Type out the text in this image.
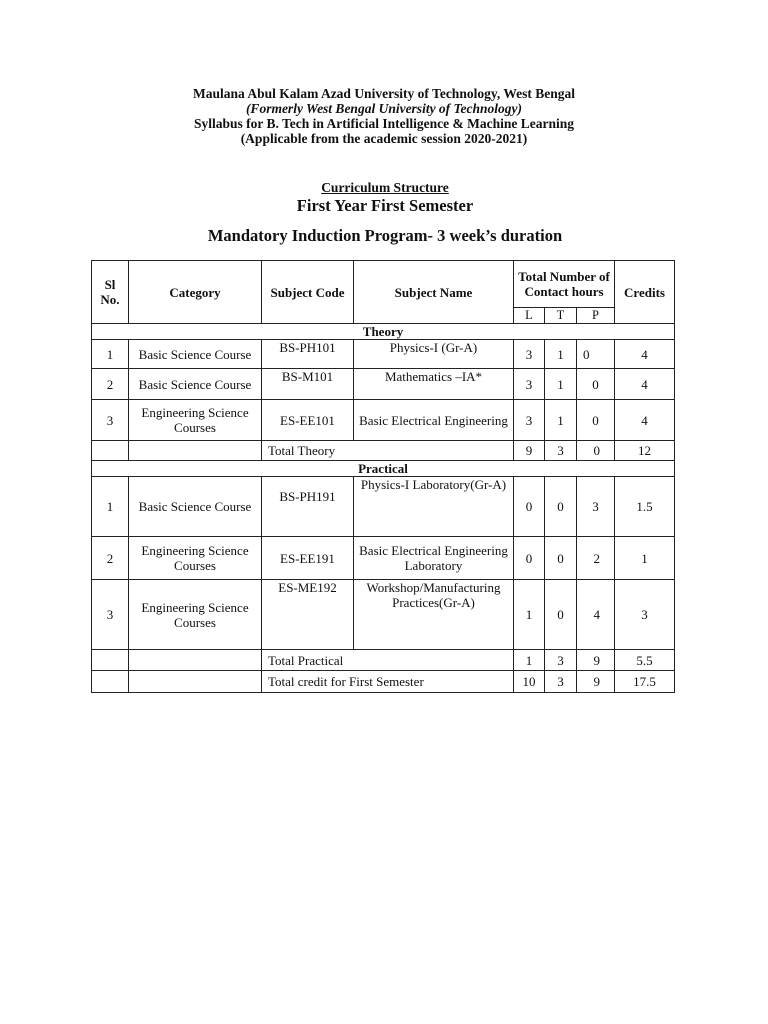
Maulana Abul Kalam Azad University of Technology, West Bengal
(Formerly West Bengal University of Technology)
Syllabus for B. Tech in Artificial Intelligence & Machine Learning
(Applicable from the academic session 2020-2021)
Curriculum Structure
First Year First Semester
Mandatory Induction Program- 3 week’s duration
Sl No.	Category	Subject Code	Subject Name	Total Number of Contact hours			Credits
				L	T	P	
Theory							
1	Basic Science Course	BS-PH101	Physics-I (Gr-A)	3	1	0	4
2	Basic Science Course	BS-M101	Mathematics –IA*	3	1	0	4
3	Engineering Science Courses	ES-EE101	Basic Electrical Engineering	3	1	0	4
		Total Theory		9	3	0	12
Practical							
1	Basic Science Course	BS-PH191	Physics-I Laboratory(Gr-A)	0	0	3	1.5
2	Engineering Science Courses	ES-EE191	Basic Electrical Engineering Laboratory	0	0	2	1
3	Engineering Science Courses	ES-ME192	Workshop/Manufacturing Practices(Gr-A)	1	0	4	3
		Total Practical		1	3	9	5.5
		Total credit for First Semester		10	3	9	17.5
